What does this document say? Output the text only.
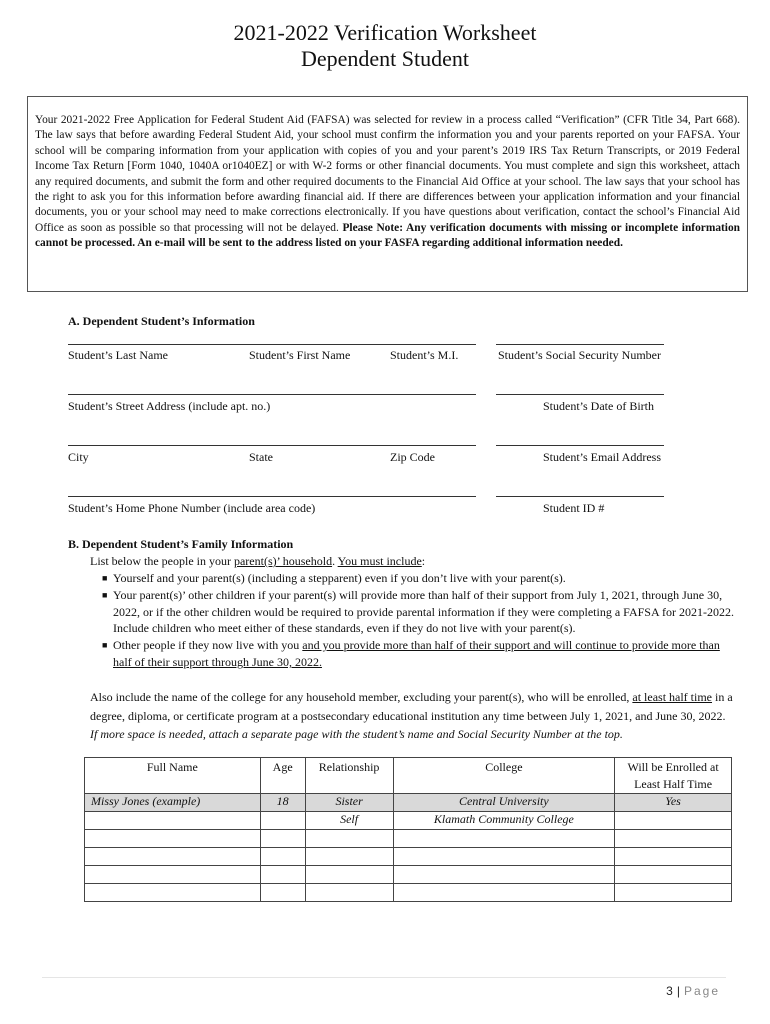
2021-2022 Verification Worksheet
Dependent Student
Your 2021-2022 Free Application for Federal Student Aid (FAFSA) was selected for review in a process called “Verification” (CFR Title 34, Part 668). The law says that before awarding Federal Student Aid, your school must confirm the information you and your parents reported on your FAFSA. Your school will be comparing information from your application with copies of you and your parent’s 2019 IRS Tax Return Transcripts, or 2019 Federal Income Tax Return [Form 1040, 1040A or1040EZ] or with W-2 forms or other financial documents. You must complete and sign this worksheet, attach any required documents, and submit the form and other required documents to the Financial Aid Office at your school. The law says that your school has the right to ask you for this information before awarding financial aid. If there are differences between your application information and your financial documents, you or your school may need to make corrections electronically. If you have questions about verification, contact the school’s Financial Aid Office as soon as possible so that processing will not be delayed. Please Note: Any verification documents with missing or incomplete information cannot be processed. An e-mail will be sent to the address listed on your FASFA regarding additional information needed.
A. Dependent Student’s Information
Student’s Last Name	Student’s First Name	Student’s M.I.	Student’s Social Security Number
Student’s Street Address (include apt. no.)	Student’s Date of Birth
City	State	Zip Code	Student’s Email Address
Student’s Home Phone Number (include area code)	Student ID #
B. Dependent Student’s Family Information
List below the people in your parent(s)’ household. You must include:
■ Yourself and your parent(s) (including a stepparent) even if you don’t live with your parent(s).
■ Your parent(s)’ other children if your parent(s) will provide more than half of their support from July 1, 2021, through June 30, 2022, or if the other children would be required to provide parental information if they were completing a FAFSA for 2021-2022. Include children who meet either of these standards, even if they do not live with your parent(s).
■ Other people if they now live with you and you provide more than half of their support and will continue to provide more than half of their support through June 30, 2022.
Also include the name of the college for any household member, excluding your parent(s), who will be enrolled, at least half time in a degree, diploma, or certificate program at a postsecondary educational institution any time between July 1, 2021, and June 30, 2022. If more space is needed, attach a separate page with the student’s name and Social Security Number at the top.
Full Name	Age	Relationship	College	Will be Enrolled at Least Half Time
Missy Jones (example)	18	Sister	Central University	Yes
		Self	Klamath Community College	

3 | Page
